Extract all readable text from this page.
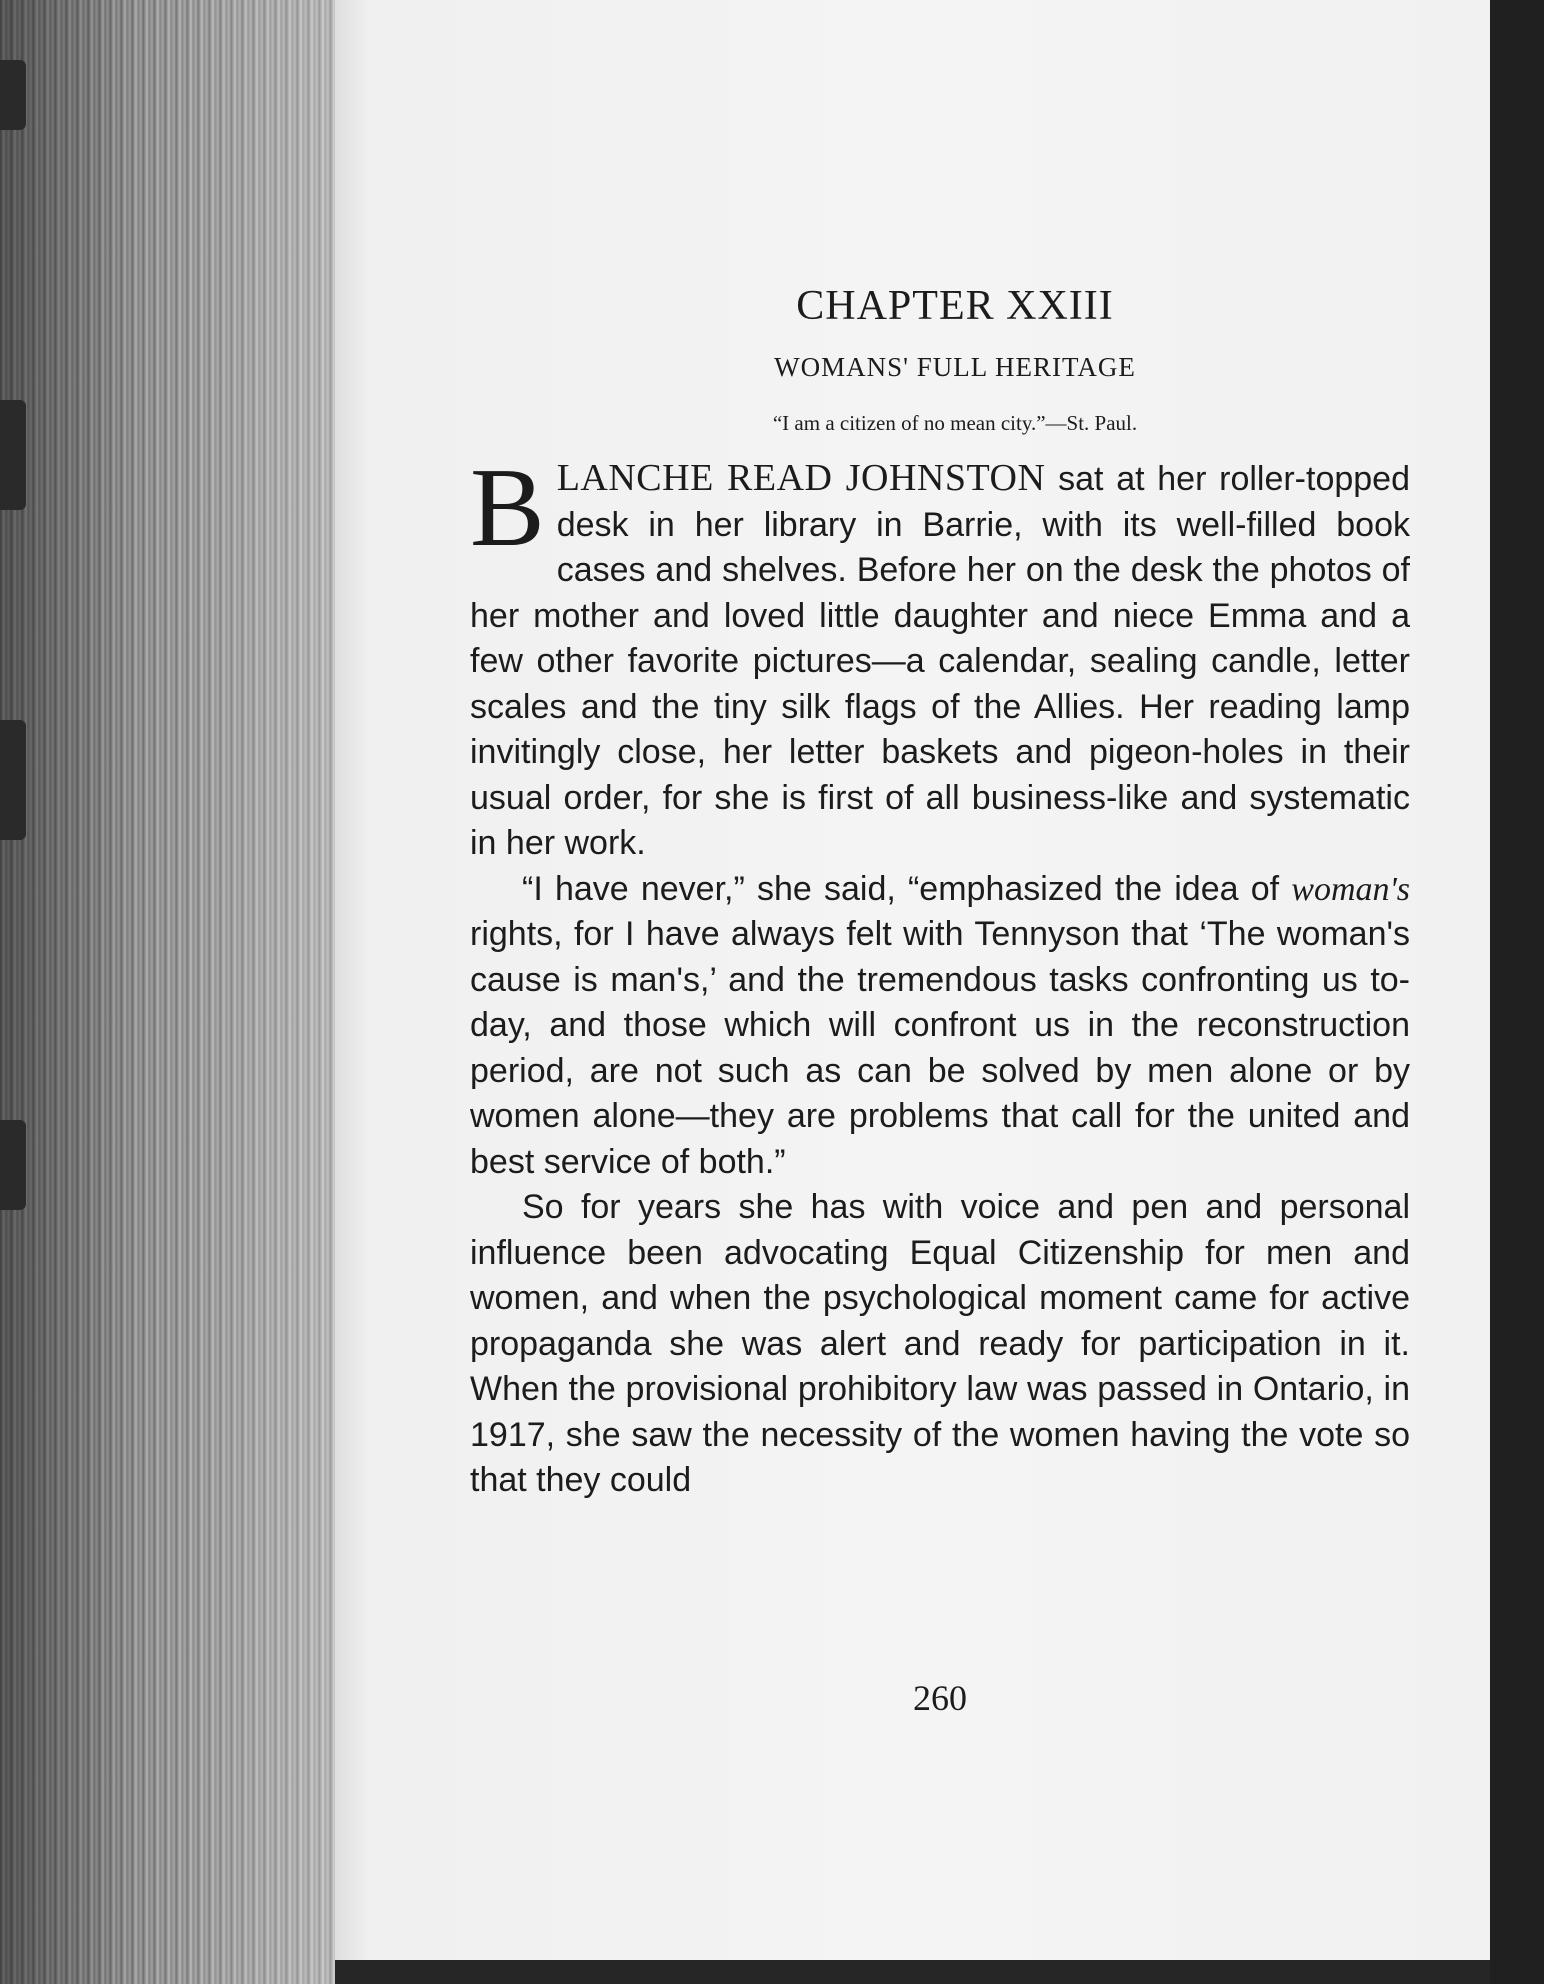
CHAPTER XXIII
WOMANS' FULL HERITAGE
“I am a citizen of no mean city.”—St. Paul.

BLANCHE READ JOHNSTON sat at her roller-topped desk in her library in Barrie, with its well-filled book cases and shelves. Before her on the desk the photos of her mother and loved little daughter and niece Emma and a few other favorite pictures—a calendar, sealing candle, letter scales and the tiny silk flags of the Allies. Her reading lamp invitingly close, her letter baskets and pigeon-holes in their usual order, for she is first of all business-like and systematic in her work.

“I have never,” she said, “emphasized the idea of woman's rights, for I have always felt with Tennyson that ‘The woman's cause is man's,’ and the tremendous tasks confronting us to-day, and those which will confront us in the reconstruction period, are not such as can be solved by men alone or by women alone—they are problems that call for the united and best service of both.”

So for years she has with voice and pen and personal influence been advocating Equal Citizenship for men and women, and when the psychological moment came for active propaganda she was alert and ready for participation in it. When the provisional prohibitory law was passed in Ontario, in 1917, she saw the necessity of the women having the vote so that they could

260
